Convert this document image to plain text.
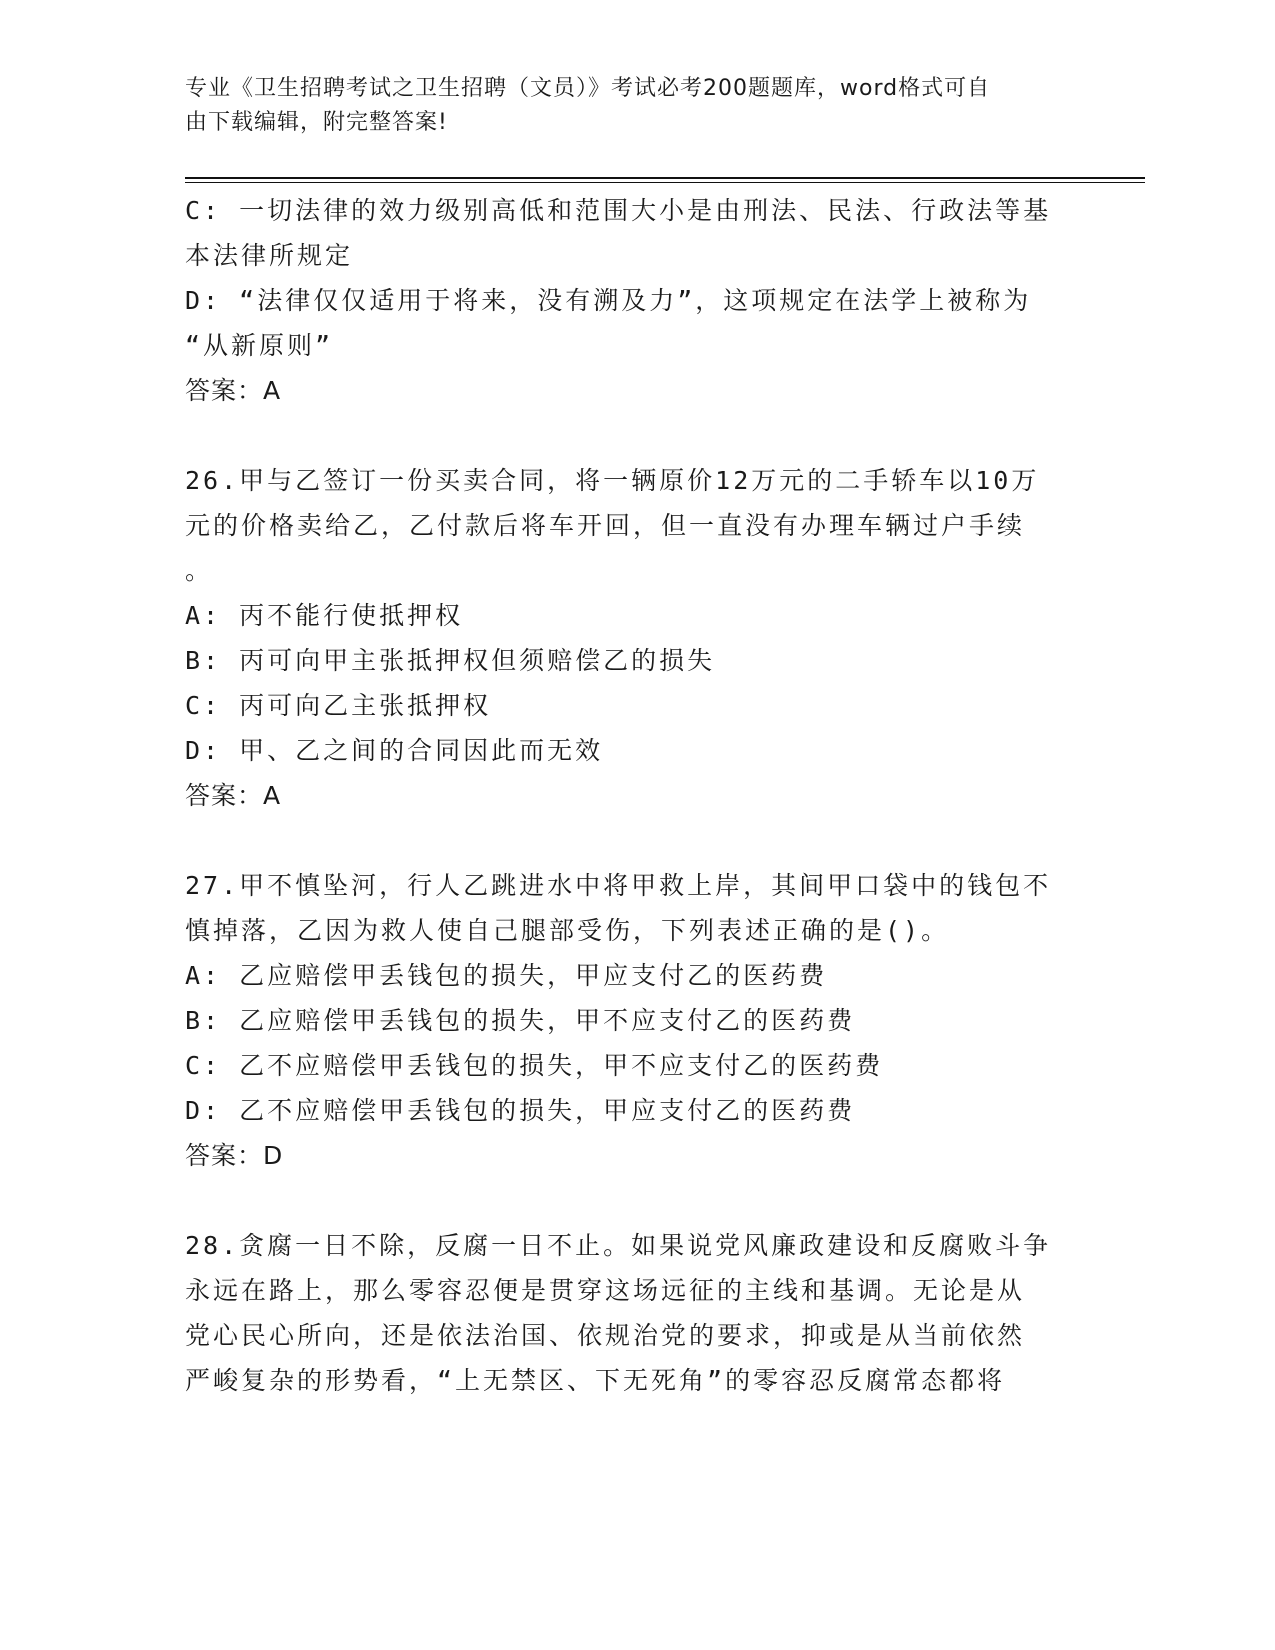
专业《卫生招聘考试之卫生招聘（文员）》考试必考200题题库，word格式可自
由下载编辑，附完整答案!
C: 一切法律的效力级别高低和范围大小是由刑法、民法、行政法等基
本法律所规定
D: “法律仅仅适用于将来，没有溯及力”，这项规定在法学上被称为
“从新原则”
答案：A
26.甲与乙签订一份买卖合同，将一辆原价12万元的二手轿车以10万
元的价格卖给乙，乙付款后将车开回，但一直没有办理车辆过户手续
。
A: 丙不能行使抵押权
B: 丙可向甲主张抵押权但须赔偿乙的损失
C: 丙可向乙主张抵押权
D: 甲、乙之间的合同因此而无效
答案：A
27.甲不慎坠河，行人乙跳进水中将甲救上岸，其间甲口袋中的钱包不
慎掉落，乙因为救人使自己腿部受伤，下列表述正确的是()。
A: 乙应赔偿甲丢钱包的损失，甲应支付乙的医药费
B: 乙应赔偿甲丢钱包的损失，甲不应支付乙的医药费
C: 乙不应赔偿甲丢钱包的损失，甲不应支付乙的医药费
D: 乙不应赔偿甲丢钱包的损失，甲应支付乙的医药费
答案：D
28.贪腐一日不除，反腐一日不止。如果说党风廉政建设和反腐败斗争
永远在路上，那么零容忍便是贯穿这场远征的主线和基调。无论是从
党心民心所向，还是依法治国、依规治党的要求，抑或是从当前依然
严峻复杂的形势看，“上无禁区、下无死角”的零容忍反腐常态都将
